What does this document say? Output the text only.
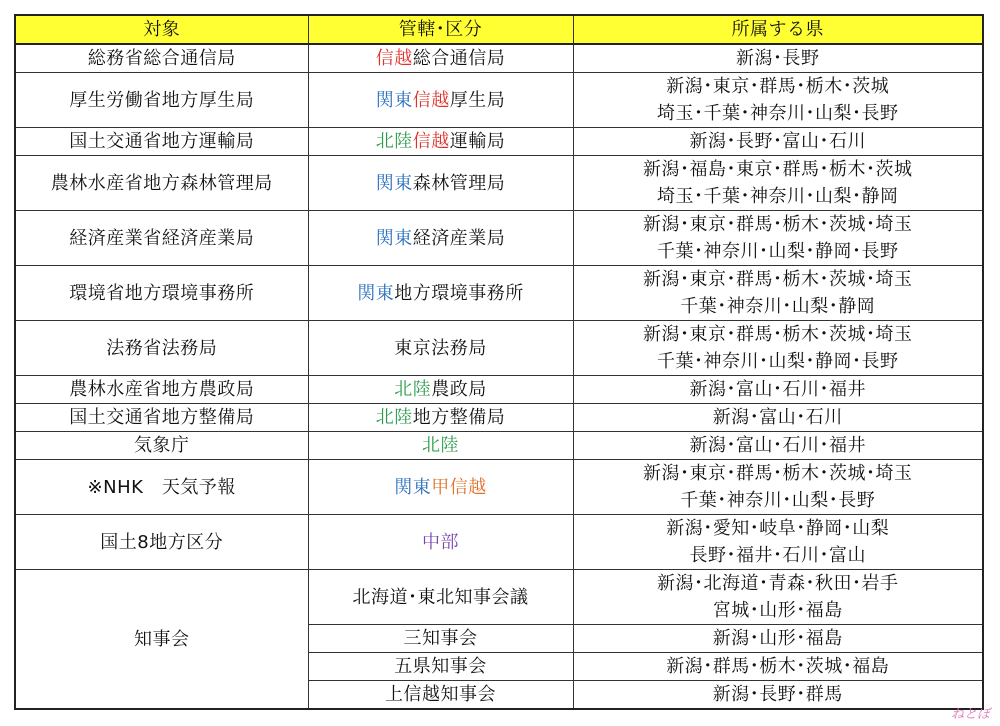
対象	管轄･区分	所属する県
総務省総合通信局	信越総合通信局	新潟･長野

厚生労働省地方厚生局	関東信越厚生局	新潟･東京･群馬･栃木･茨城
埼玉･千葉･神奈川･山梨･長野

国土交通省地方運輸局	北陸信越運輸局	新潟･長野･富山･石川

農林水産省地方森林管理局	関東森林管理局	新潟･福島･東京･群馬･栃木･茨城
埼玉･千葉･神奈川･山梨･静岡

経済産業省経済産業局	関東経済産業局	新潟･東京･群馬･栃木･茨城･埼玉
千葉･神奈川･山梨･静岡･長野

環境省地方環境事務所	関東地方環境事務所	新潟･東京･群馬･栃木･茨城･埼玉
千葉･神奈川･山梨･静岡

法務省法務局	東京法務局	新潟･東京･群馬･栃木･茨城･埼玉
千葉･神奈川･山梨･静岡･長野

農林水産省地方農政局	北陸農政局	新潟･富山･石川･福井

国土交通省地方整備局	北陸地方整備局	新潟･富山･石川

気象庁	北陸	新潟･富山･石川･福井

※NHK　天気予報	関東甲信越	新潟･東京･群馬･栃木･茨城･埼玉
千葉･神奈川･山梨･長野

国土8地方区分	中部	新潟･愛知･岐阜･静岡･山梨
長野･福井･石川･富山

知事会	北海道･東北知事会議	新潟･北海道･青森･秋田･岩手
宮城･山形･福島

	三知事会	新潟･山形･福島

	五県知事会	新潟･群馬･栃木･茨城･福島

	上信越知事会	新潟･長野･群馬
ねとぼ
